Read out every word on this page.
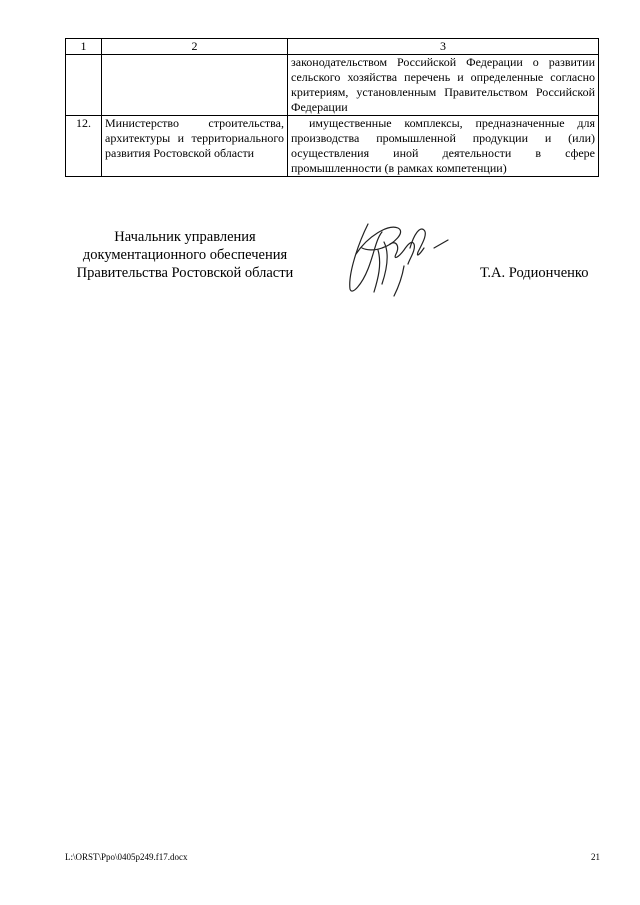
1	2	3
		законодательством Российской Федерации о развитии сельского хозяйства перечень и определенные согласно критериям, установленным Правительством Российской Федерации
12.	Министерство строительства, архитектуры и территориального развития Ростовской области	имущественные комплексы, предназначенные для производства промышленной продукции и (или) осуществления иной деятельности в сфере промышленности (в рамках компетенции)
Начальник управления
документационного обеспечения
Правительства Ростовской области	Т.А. Родионченко
L:\ORST\Ppo\0405p249.f17.docx	21
